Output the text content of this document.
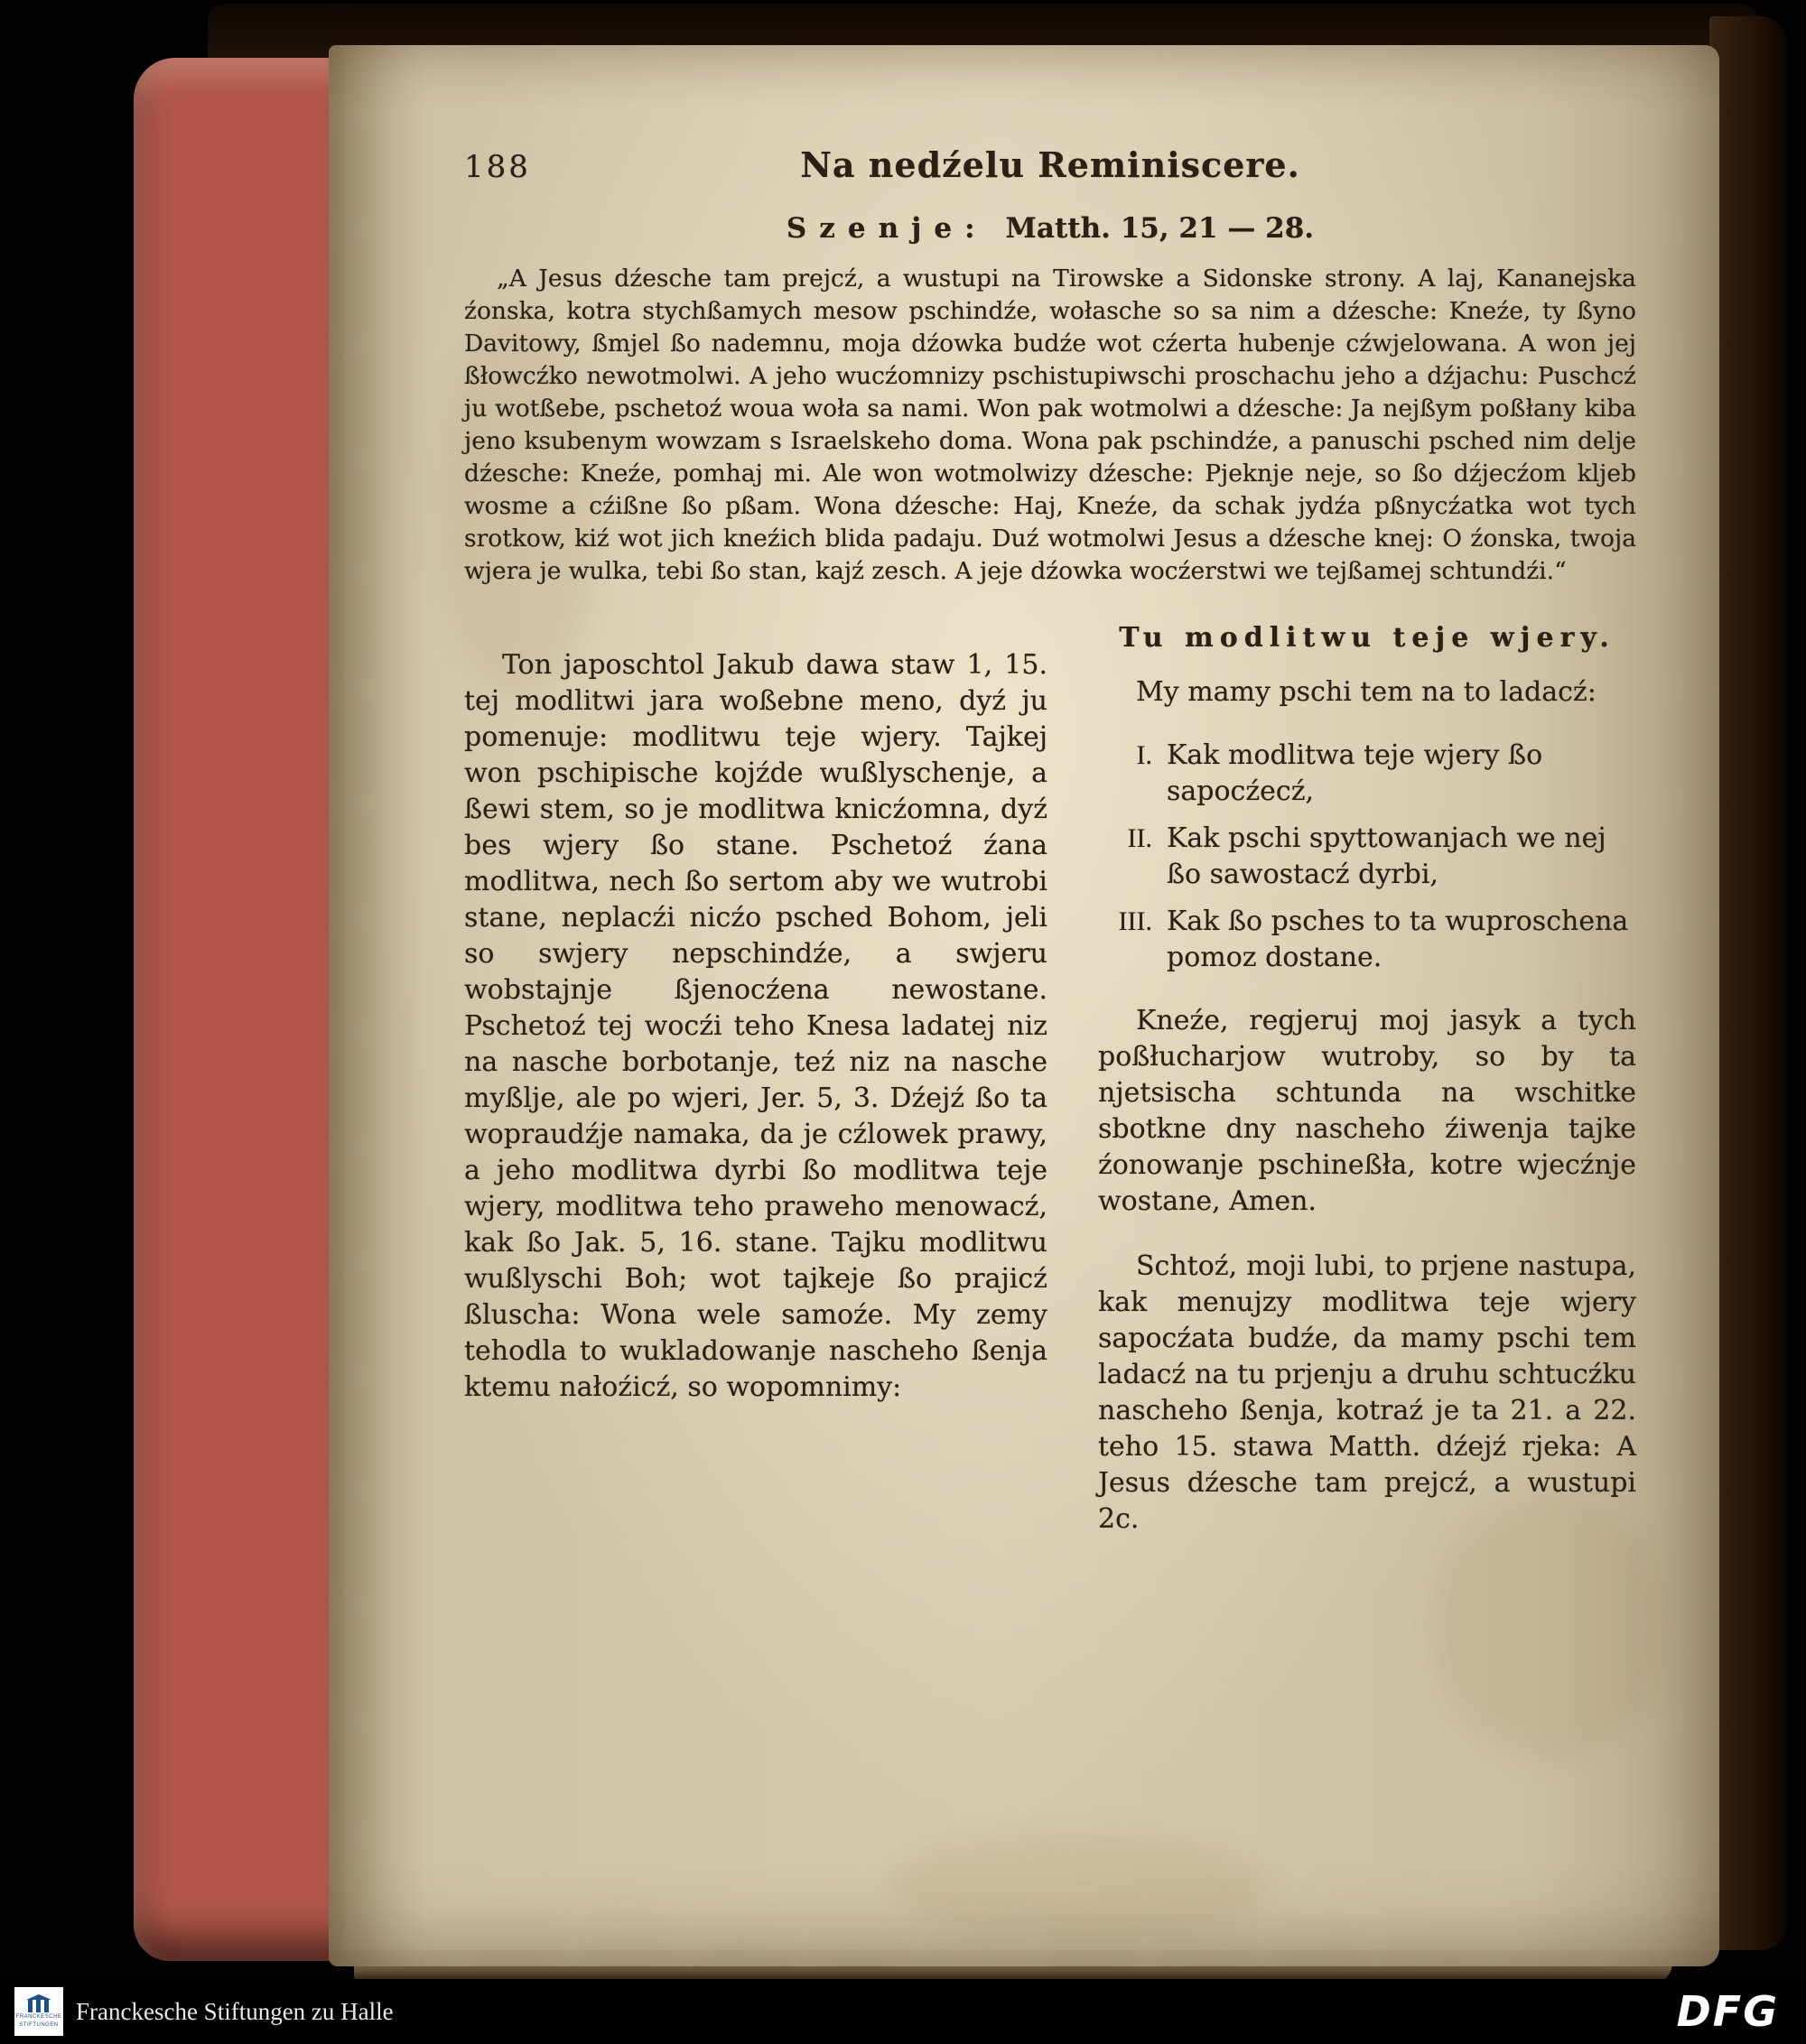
188	Na nedźelu Reminiscere.
Szenje: Matth. 15, 21 — 28.

„A Jesus dźesche tam prejcź, a wustupi na Tirowske a Sidonske strony. A laj, Kananejska źonska, kotra stychßamych mesow pschindźe, wołasche so sa nim a dźesche: Kneźe, ty ßyno Davitowy, ßmjel ßo nademnu, moja dźowka budźe wot cźerta hubenje cźwjelowana. A won jej ßłowcźko newotmolwi. A jeho wucźomnizy pschistupiwschi proschachu jeho a dźjachu: Puschcź ju wotßebe, pschetoź woua woła sa nami. Won pak wotmolwi a dźesche: Ja nejßym poßłany kiba jeno ksubenym wowzam s Israelskeho doma. Wona pak pschindźe, a panuschi psched nim delje dźesche: Kneźe, pomhaj mi. Ale won wotmolwizy dźesche: Pjeknje neje, so ßo dźjecźom kljeb wosme a cźißne ßo pßam. Wona dźesche: Haj, Kneźe, da schak jydźa pßnycźatka wot tych srotkow, kiź wot jich kneźich blida padaju. Duź wotmolwi Jesus a dźesche knej: O źonska, twoja wjera je wulka, tebi ßo stan, kajź zesch. A jeje dźowka wocźerstwi we tejßamej schtundźi.“

Ton japoschtol Jakub dawa staw 1, 15. tej modlitwi jara woßebne meno, dyź ju pomenuje: modlitwu teje wjery. Tajkej won pschipische kojźde wußlyschenje, a ßewi stem, so je modlitwa knicźomna, dyź bes wjery ßo stane. Pschetoź źana modlitwa, nech ßo sertom aby we wutrobi stane, neplacźi nicźo psched Bohom, jeli so swjery nepschindźe, a swjeru wobstajnje ßjenocźena newostane. Pschetoź tej wocźi teho Knesa ladatej niz na nasche borbotanje, teź niz na nasche myßlje, ale po wjeri, Jer. 5, 3. Dźejź ßo ta wopraudźje namaka, da je cźlowek prawy, a jeho modlitwa dyrbi ßo modlitwa teje wjery, modlitwa teho praweho menowacź, kak ßo Jak. 5, 16. stane. Tajku modlitwu wußlyschi Boh; wot tajkeje ßo prajicź ßluscha: Wona wele samoźe. My zemy tehodla to wukladowanje nascheho ßenja ktemu nałoźicź, so wopomnimy:

Tu modlitwu teje wjery.

My mamy pschi tem na to ladacź:

I. Kak modlitwa teje wjery ßo sapocźecź,
II. Kak pschi spyttowanjach we nej ßo sawostacź dyrbi,
III. Kak ßo psches to ta wuproschena pomoz dostane.

Kneźe, regjeruj moj jasyk a tych poßłucharjow wutroby, so by ta njetsischa schtunda na wschitke sbotkne dny nascheho źiwenja tajke źonowanje pschineßła, kotre wjecźnje wostane, Amen.

Schtoź, moji lubi, to prjene nastupa, kak menujzy modlitwa teje wjery sapocźata budźe, da mamy pschi tem ladacź na tu prjenju a druhu schtucźku nascheho ßenja, kotraź je ta 21. a 22. teho 15. stawa Matth. dźejź rjeka: A Jesus dźesche tam prejcź, a wustupi 2c.

FRANCKESCHE
STIFTUNGEN
Franckesche Stiftungen zu Halle	DFG
